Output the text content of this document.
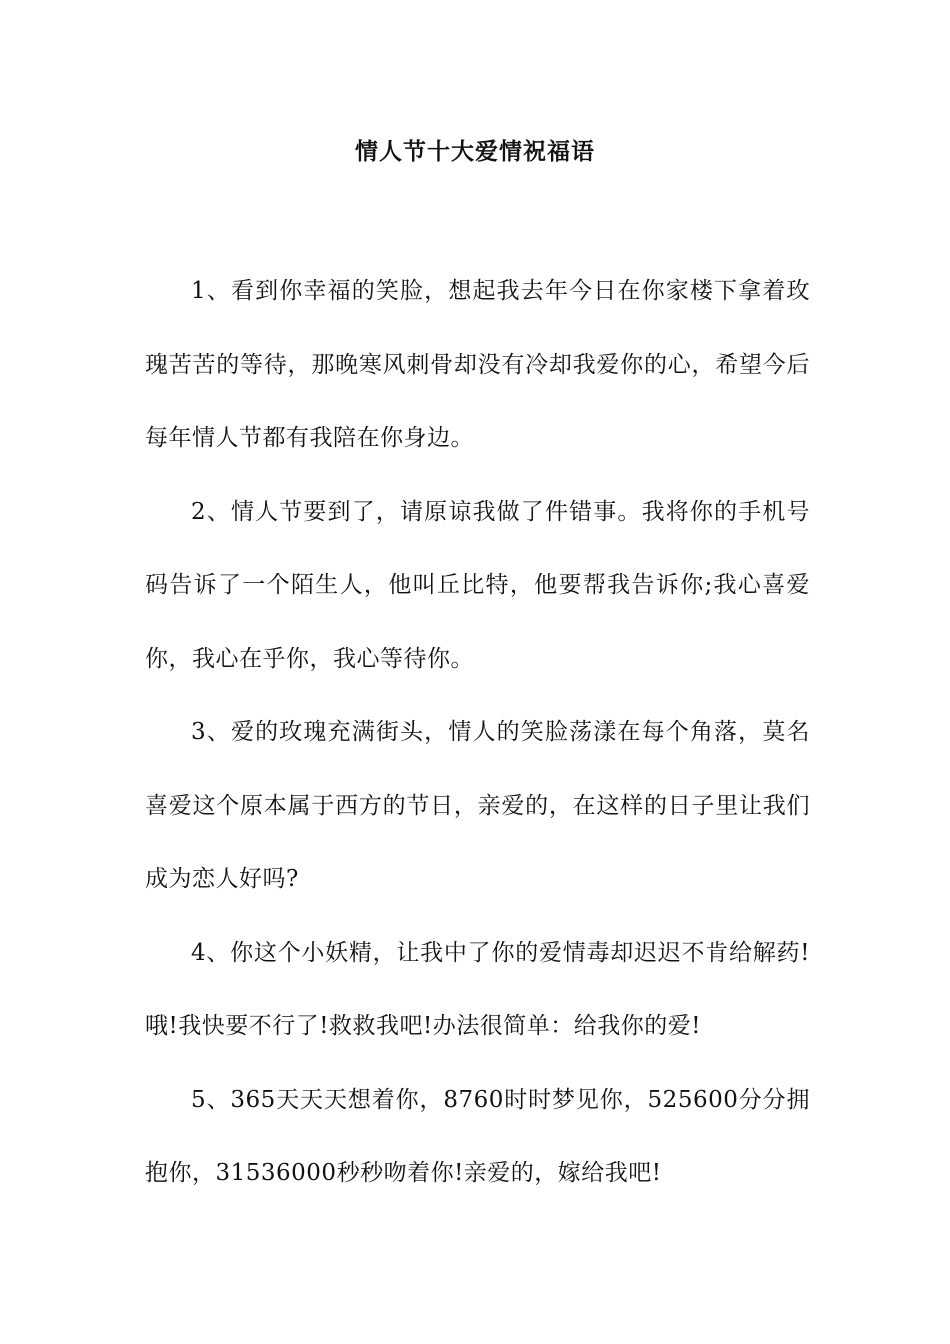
情人节十大爱情祝福语

1、看到你幸福的笑脸，想起我去年今日在你家楼下拿着玫瑰苦苦的等待，那晚寒风刺骨却没有冷却我爱你的心，希望今后每年情人节都有我陪在你身边。

2、情人节要到了，请原谅我做了件错事。我将你的手机号码告诉了一个陌生人，他叫丘比特，他要帮我告诉你;我心喜爱你，我心在乎你，我心等待你。

3、爱的玫瑰充满街头，情人的笑脸荡漾在每个角落，莫名喜爱这个原本属于西方的节日，亲爱的，在这样的日子里让我们成为恋人好吗?

4、你这个小妖精，让我中了你的爱情毒却迟迟不肯给解药!哦!我快要不行了!救救我吧!办法很简单：给我你的爱!

5、365天天天想着你，8760时时梦见你，525600分分拥抱你，31536000秒秒吻着你!亲爱的，嫁给我吧!
